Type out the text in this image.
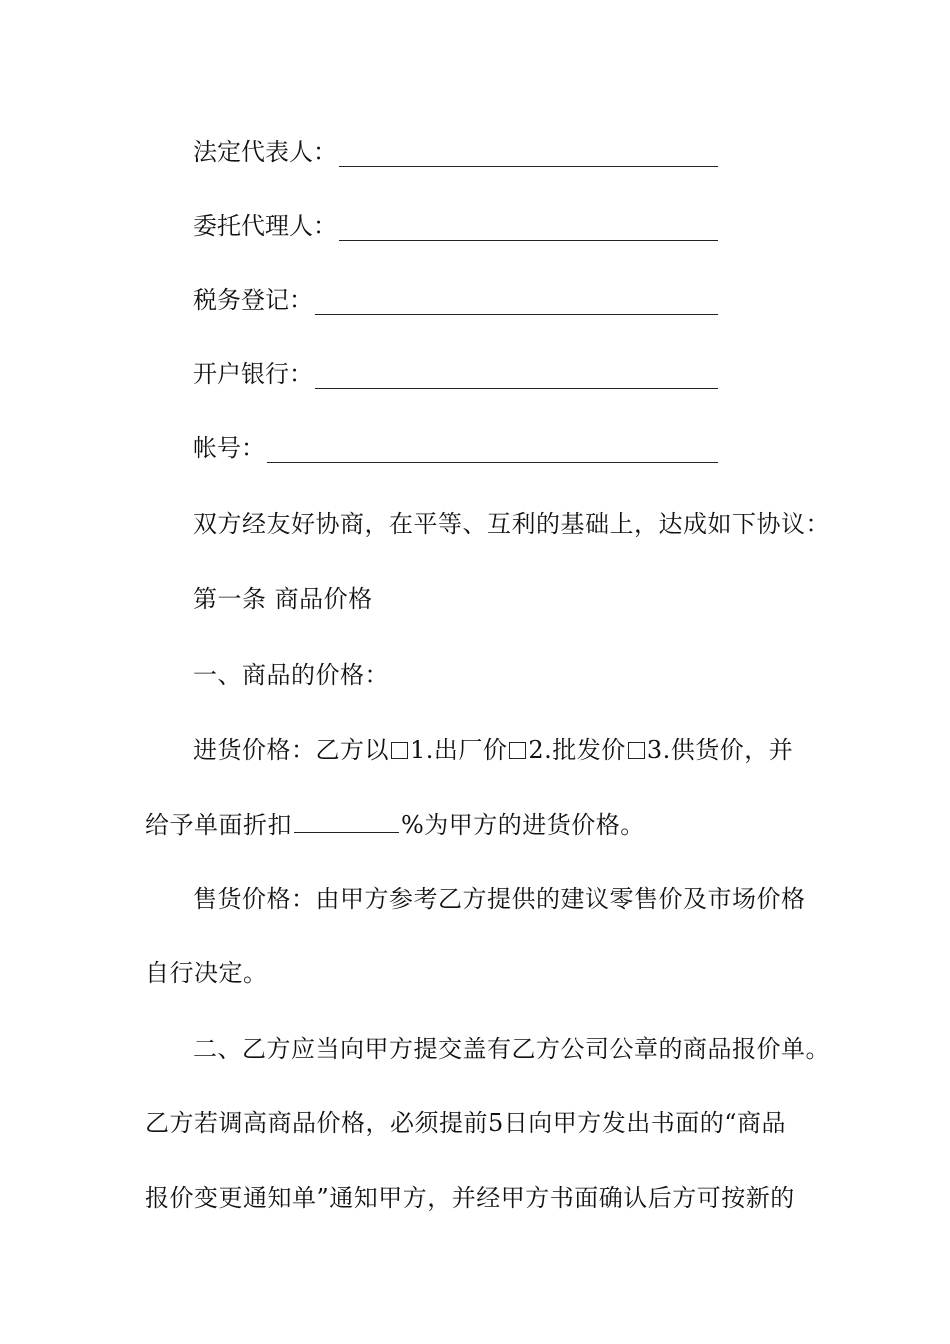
法定代表人：
委托代理人：
税务登记：
开户银行：
帐号：
双方经友好协商，在平等、互利的基础上，达成如下协议：
第一条 商品价格
一、商品的价格：
进货价格：乙方以 1.出厂价 2.批发价 3.供货价，并
给予单面折扣	%为甲方的进货价格。
售货价格：由甲方参考乙方提供的建议零售价及市场价格
自行决定。
二、乙方应当向甲方提交盖有乙方公司公章的商品报价单。
乙方若调高商品价格，必须提前5日向甲方发出书面的“商品
报价变更通知单”通知甲方，并经甲方书面确认后方可按新的
